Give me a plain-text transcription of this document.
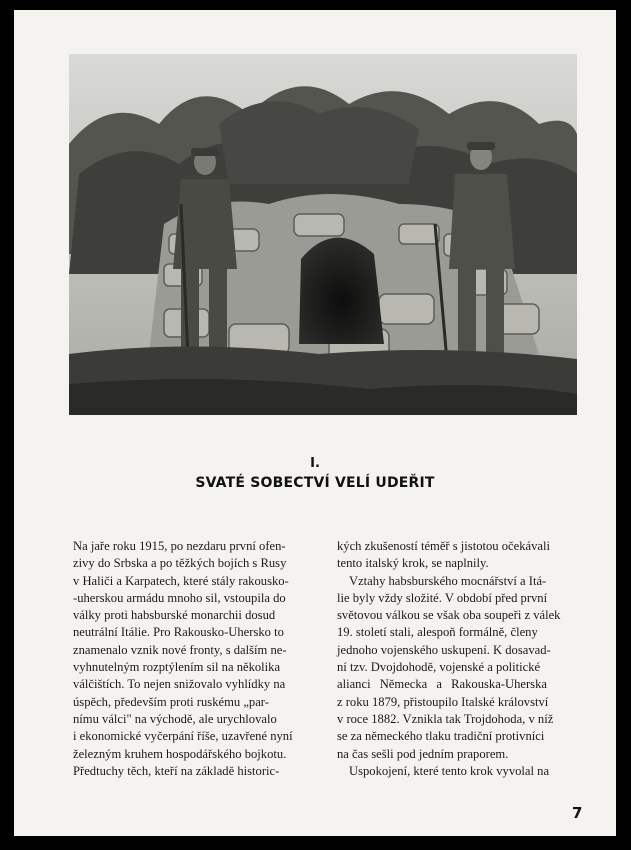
I.
SVATÉ SOBECTVÍ VELÍ UDEŘIT
Na jaře roku 1915, po nezdaru první ofen-
zivy do Srbska a po těžkých bojích s Rusy
v Haliči a Karpatech, které stály rakousko-
-uherskou armádu mnoho sil, vstoupila do
války proti habsburské monarchii dosud
neutrální Itálie. Pro Rakousko-Uhersko to
znamenalo vznik nové fronty, s dalším ne-
vyhnutelným rozptýlením sil na několika
válčištích. To nejen snižovalo vyhlídky na
úspěch, především proti ruskému „par-
nímu válci" na východě, ale urychlovalo
i ekonomické vyčerpání říše, uzavřené nyní
železným kruhem hospodářského bojkotu.
Předtuchy těch, kteří na základě historic-
kých zkušeností téměř s jistotou očekávali
tento italský krok, se naplnily.
Vztahy habsburského mocnářství a Itá-
lie byly vždy složité. V období před první
světovou válkou se však oba soupeři z válek
19. století stali, alespoň formálně, členy
jednoho vojenského uskupení. K dosavad-
ní tzv. Dvojdohodě, vojenské a politické
alianci Německa a Rakouska-Uherska
z roku 1879, přistoupilo Italské království
v roce 1882. Vznikla tak Trojdohoda, v níž
se za německého tlaku tradiční protivníci
na čas sešli pod jedním praporem.
Uspokojení, které tento krok vyvolal na
7
